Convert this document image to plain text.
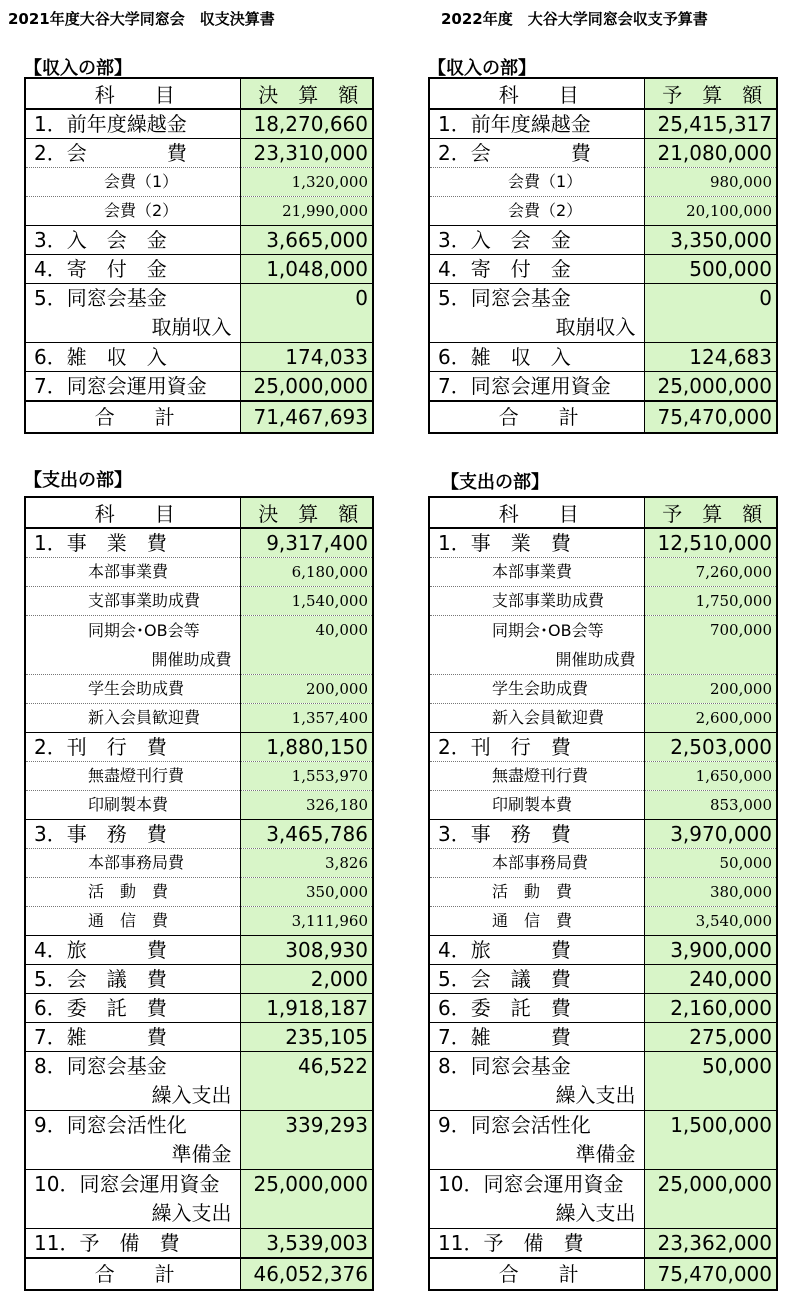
2021年度大谷大学同窓会　収支決算書
【収入の部】
科　　目	決　算　額
1．前年度繰越金	18,270,660
2．会　　　　費	23,310,000
会費（1）	1,320,000
会費（2）	21,990,000
3．入　会　金	3,665,000
4．寄　付　金	1,048,000
5．同窓会基金
取崩収入	0
6．雑　収　入	174,033
7．同窓会運用資金	25,000,000
合　　計	71,467,693
【支出の部】
科　　目	決　算　額
1．事　業　費	9,317,400
本部事業費	6,180,000
支部事業助成費	1,540,000
同期会･OB会等
開催助成費	40,000
学生会助成費	200,000
新入会員歓迎費	1,357,400
2．刊　行　費	1,880,150
無盡燈刊行費	1,553,970
印刷製本費	326,180
3．事　務　費	3,465,786
本部事務局費	3,826
活　動　費	350,000
通　信　費	3,111,960
4．旅　　　費	308,930
5．会　議　費	2,000
6．委　託　費	1,918,187
7．雑　　　費	235,105
8．同窓会基金
繰入支出	46,522
9．同窓会活性化
準備金	339,293
10．同窓会運用資金
繰入支出	25,000,000
11．予　備　費	3,539,003
合　　計	46,052,376
2022年度　大谷大学同窓会収支予算書
【収入の部】
科　　目	予　算　額
1．前年度繰越金	25,415,317
2．会　　　　費	21,080,000
会費（1）	980,000
会費（2）	20,100,000
3．入　会　金	3,350,000
4．寄　付　金	500,000
5．同窓会基金
取崩収入	0
6．雑　収　入	124,683
7．同窓会運用資金	25,000,000
合　　計	75,470,000
【支出の部】
科　　目	予　算　額
1．事　業　費	12,510,000
本部事業費	7,260,000
支部事業助成費	1,750,000
同期会･OB会等
開催助成費	700,000
学生会助成費	200,000
新入会員歓迎費	2,600,000
2．刊　行　費	2,503,000
無盡燈刊行費	1,650,000
印刷製本費	853,000
3．事　務　費	3,970,000
本部事務局費	50,000
活　動　費	380,000
通　信　費	3,540,000
4．旅　　　費	3,900,000
5．会　議　費	240,000
6．委　託　費	2,160,000
7．雑　　　費	275,000
8．同窓会基金
繰入支出	50,000
9．同窓会活性化
準備金	1,500,000
10．同窓会運用資金
繰入支出	25,000,000
11．予　備　費	23,362,000
合　　計	75,470,000
